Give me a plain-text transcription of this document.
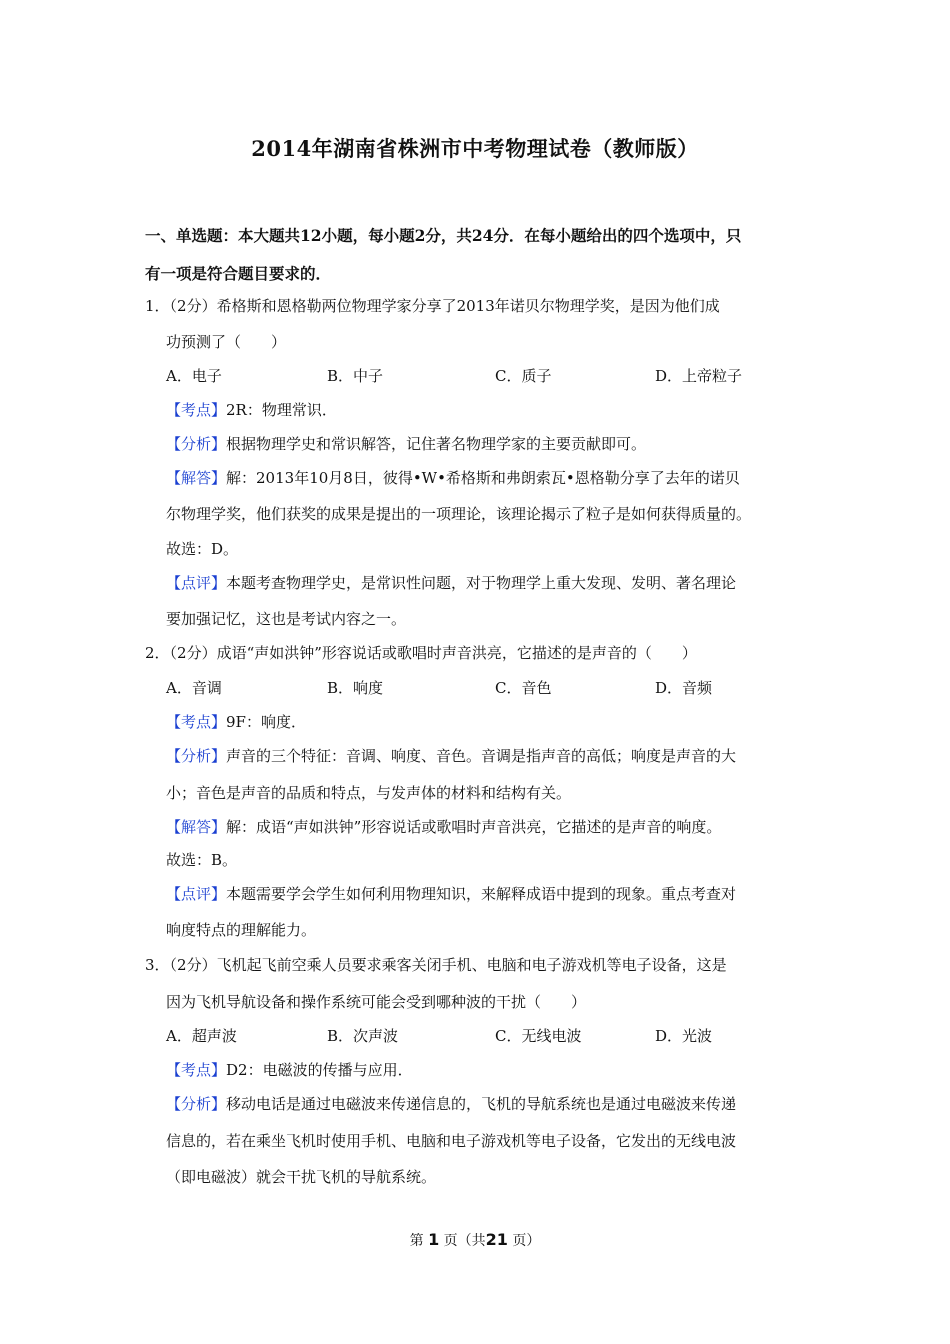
2014年湖南省株洲市中考物理试卷（教师版）
一、单选题：本大题共12小题，每小题2分，共24分．在每小题给出的四个选项中，只
有一项是符合题目要求的．
1．（2分）希格斯和恩格勒两位物理学家分享了2013年诺贝尔物理学奖，是因为他们成
功预测了（　　）
A．电子	B．中子	C．质子	D．上帝粒子
【考点】2R：物理常识．
【分析】根据物理学史和常识解答，记住著名物理学家的主要贡献即可。
【解答】解：2013年10月8日，彼得•W•希格斯和弗朗索瓦•恩格勒分享了去年的诺贝
尔物理学奖，他们获奖的成果是提出的一项理论，该理论揭示了粒子是如何获得质量的。
故选：D。
【点评】本题考查物理学史，是常识性问题，对于物理学上重大发现、发明、著名理论
要加强记忆，这也是考试内容之一。
2．（2分）成语“声如洪钟”形容说话或歌唱时声音洪亮，它描述的是声音的（　　）
A．音调	B．响度	C．音色	D．音频
【考点】9F：响度．
【分析】声音的三个特征：音调、响度、音色。音调是指声音的高低；响度是声音的大
小；音色是声音的品质和特点，与发声体的材料和结构有关。
【解答】解：成语“声如洪钟”形容说话或歌唱时声音洪亮，它描述的是声音的响度。
故选：B。
【点评】本题需要学会学生如何利用物理知识，来解释成语中提到的现象。重点考查对
响度特点的理解能力。
3．（2分）飞机起飞前空乘人员要求乘客关闭手机、电脑和电子游戏机等电子设备，这是
因为飞机导航设备和操作系统可能会受到哪种波的干扰（　　）
A．超声波	B．次声波	C．无线电波	D．光波
【考点】D2：电磁波的传播与应用．
【分析】移动电话是通过电磁波来传递信息的，飞机的导航系统也是通过电磁波来传递
信息的，若在乘坐飞机时使用手机、电脑和电子游戏机等电子设备，它发出的无线电波
（即电磁波）就会干扰飞机的导航系统。
第 1 页（共21 页）
